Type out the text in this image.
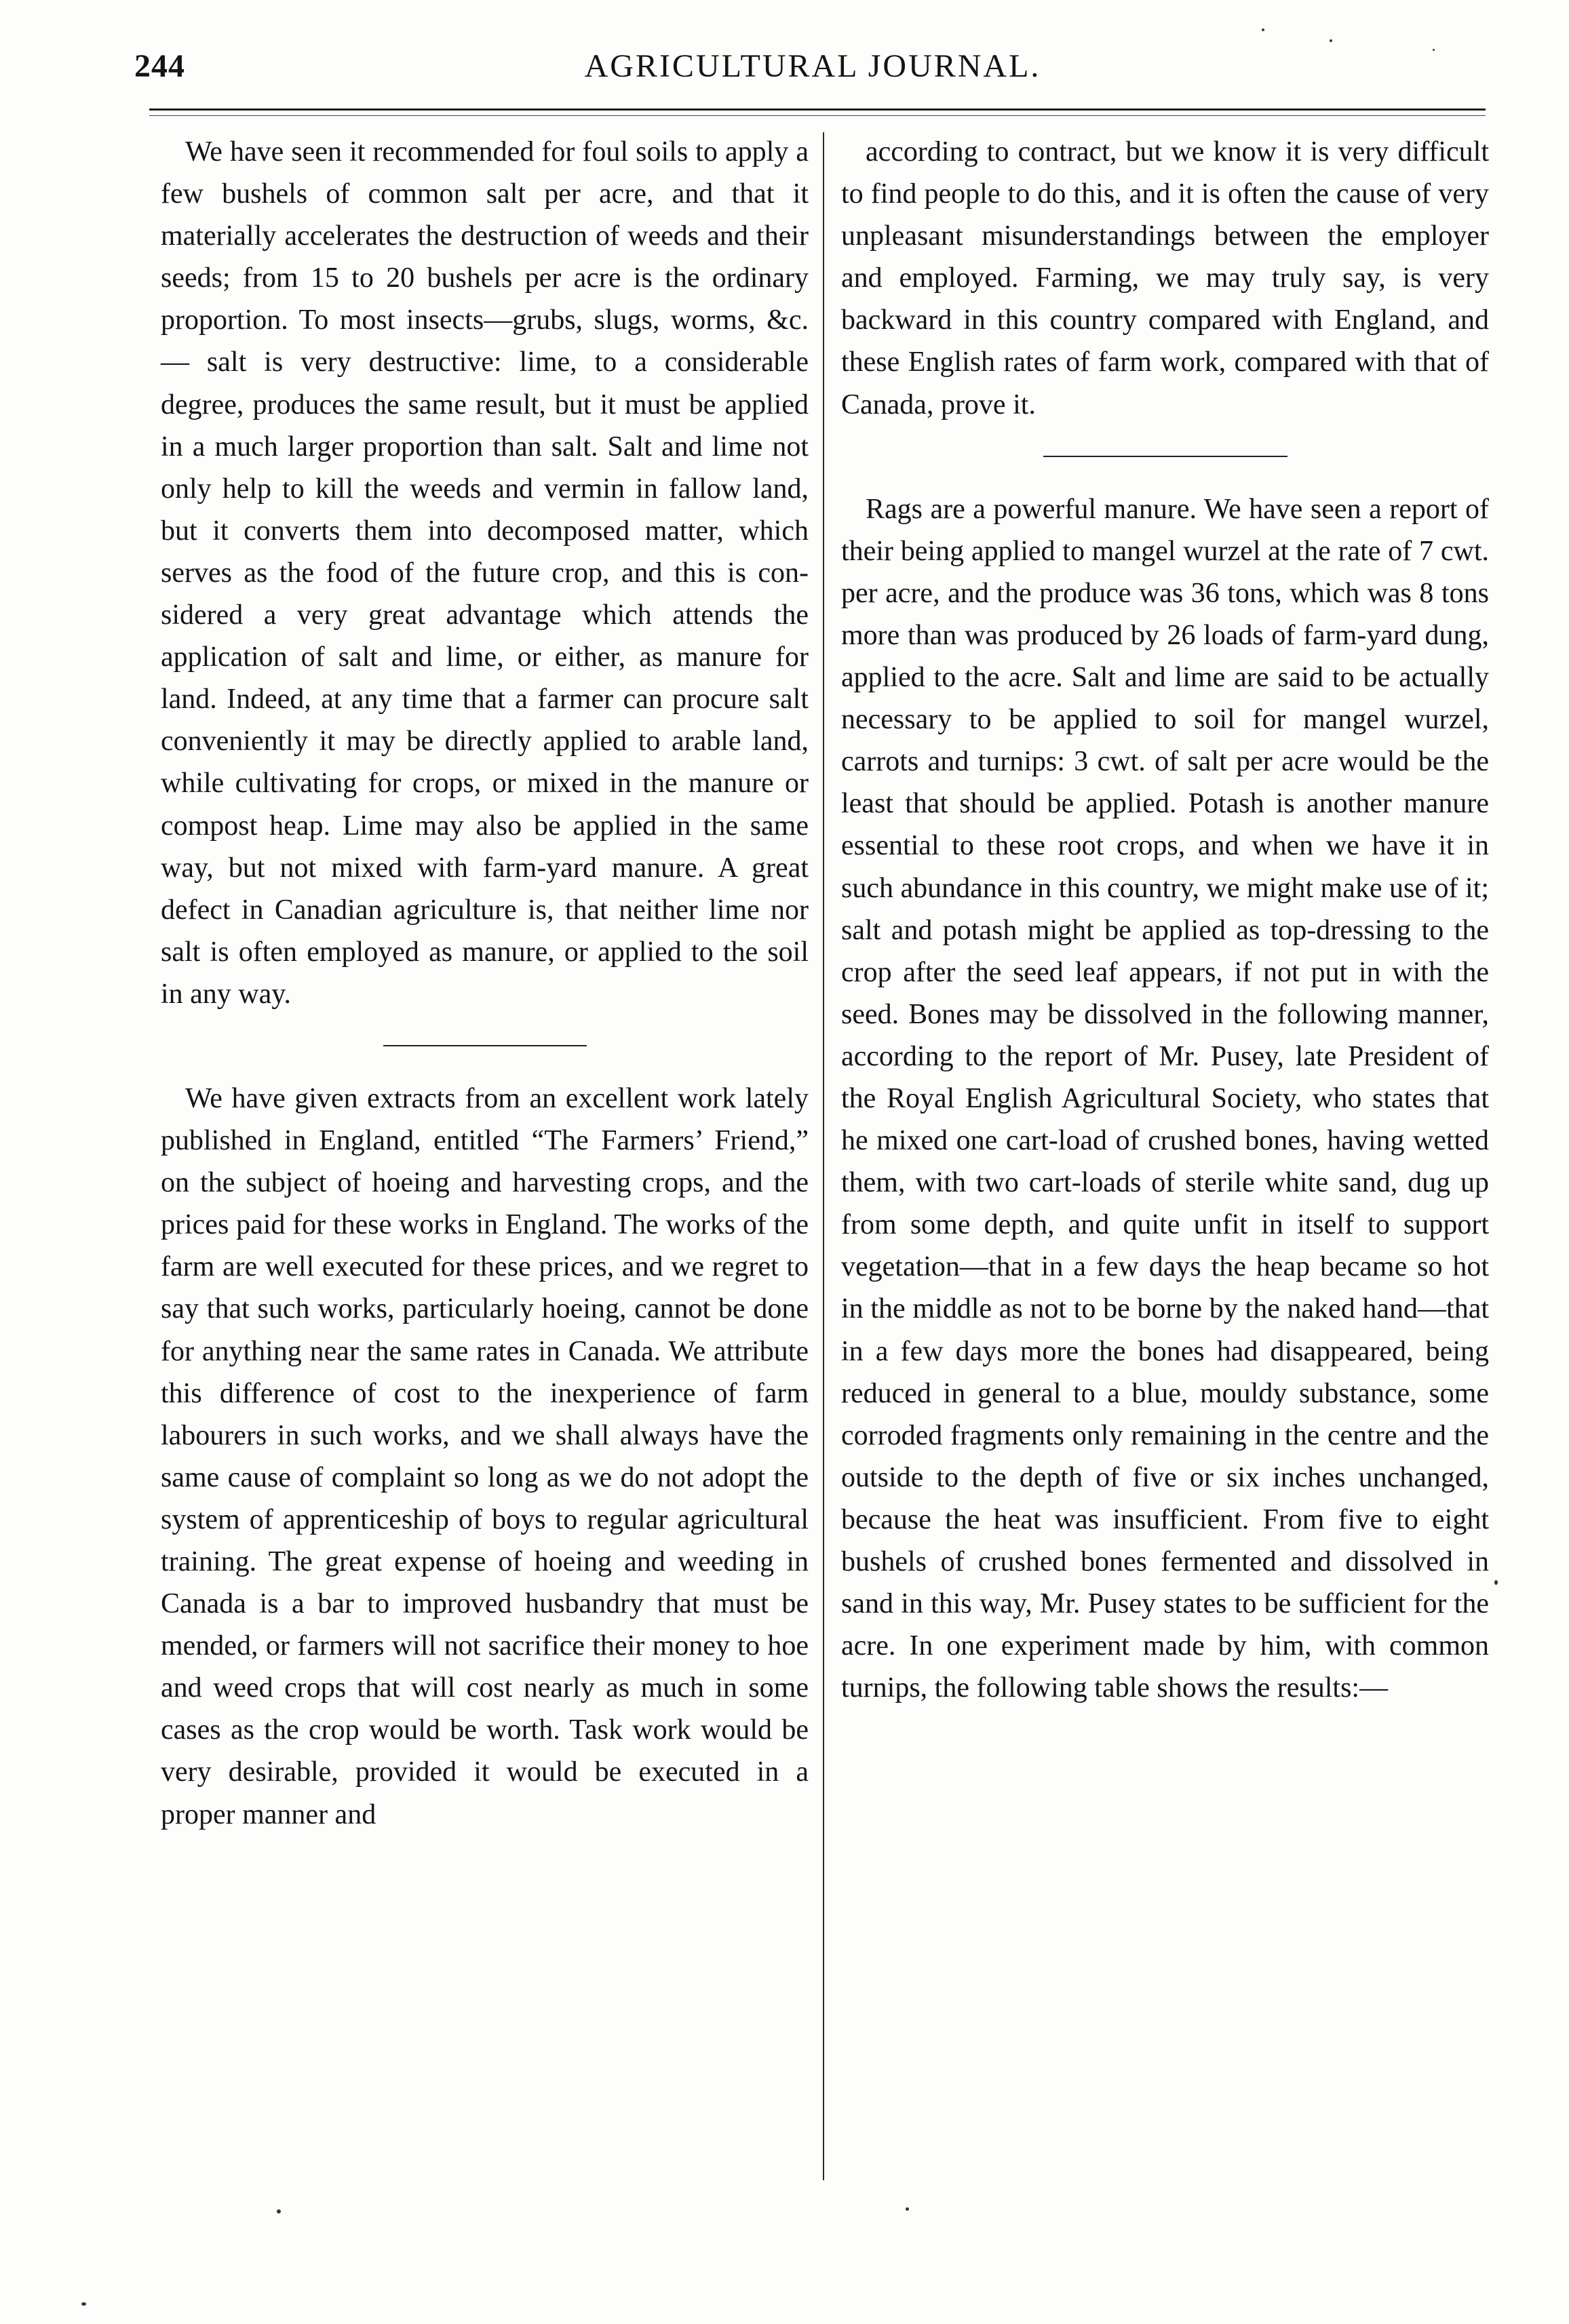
244	AGRICULTURAL JOURNAL.

We have seen it recommended for foul soils to apply a few bushels of common salt per acre, and that it materially accelerates the destruction of weeds and their seeds; from 15 to 20 bushels per acre is the ordinary proportion. To most insects—grubs, slugs, worms, &c.— salt is very destructive: lime, to a considerable degree, produces the same result, but it must be applied in a much larger proportion than salt. Salt and lime not only help to kill the weeds and vermin in fallow land, but it converts them into decomposed matter, which serves as the food of the future crop, and this is considered a very great advantage which attends the application of salt and lime, or either, as manure for land. Indeed, at any time that a farmer can procure salt conveniently it may be directly applied to arable land, while cultivating for crops, or mixed in the manure or compost heap. Lime may also be applied in the same way, but not mixed with farm-yard manure. A great defect in Canadian agriculture is, that neither lime nor salt is often employed as manure, or applied to the soil in any way.

We have given extracts from an excellent work lately published in England, entitled “The Farmers’ Friend,” on the subject of hoeing and harvesting crops, and the prices paid for these works in England. The works of the farm are well executed for these prices, and we regret to say that such works, particularly hoeing, cannot be done for anything near the same rates in Canada. We attribute this difference of cost to the inexperience of farm labourers in such works, and we shall always have the same cause of complaint so long as we do not adopt the system of apprenticeship of boys to regular agricultural training. The great expense of hoeing and weeding in Canada is a bar to improved husbandry that must be mended, or farmers will not sacrifice their money to hoe and weed crops that will cost nearly as much in some cases as the crop would be worth. Task work would be very desirable, provided it would be executed in a proper manner and

according to contract, but we know it is very difficult to find people to do this, and it is often the cause of very unpleasant misunderstandings between the employer and employed. Farming, we may truly say, is very backward in this country compared with England, and these English rates of farm work, compared with that of Canada, prove it.

Rags are a powerful manure. We have seen a report of their being applied to mangel wurzel at the rate of 7 cwt. per acre, and the produce was 36 tons, which was 8 tons more than was produced by 26 loads of farm-yard dung, applied to the acre. Salt and lime are said to be actually necessary to be applied to soil for mangel wurzel, carrots and turnips: 3 cwt. of salt per acre would be the least that should be applied. Potash is another manure essential to these root crops, and when we have it in such abundance in this country, we might make use of it; salt and potash might be applied as top-dressing to the crop after the seed leaf appears, if not put in with the seed. Bones may be dissolved in the following manner, according to the report of Mr. Pusey, late President of the Royal English Agricultural Society, who states that he mixed one cart-load of crushed bones, having wetted them, with two cart-loads of sterile white sand, dug up from some depth, and quite unfit in itself to support vegetation—that in a few days the heap became so hot in the middle as not to be borne by the naked hand—that in a few days more the bones had disappeared, being reduced in general to a blue, mouldy substance, some corroded fragments only remaining in the centre and the outside to the depth of five or six inches unchanged, because the heat was insufficient. From five to eight bushels of crushed bones fermented and dissolved in sand in this way, Mr. Pusey states to be sufficient for the acre. In one experiment made by him, with common turnips, the following table shows the results:—
